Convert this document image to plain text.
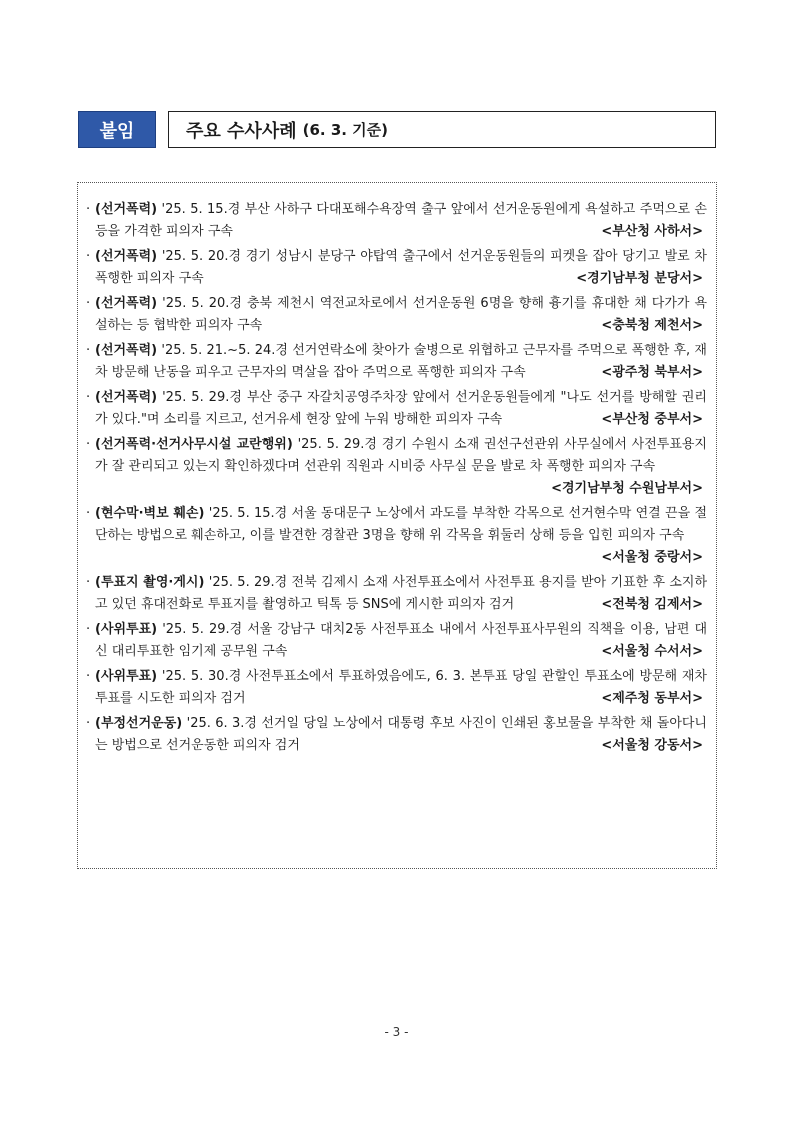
붙임	주요 수사사례 (6. 3. 기준)
· (선거폭력) '25. 5. 15.경 부산 사하구 다대포해수욕장역 출구 앞에서 선거운동원에게 욕설하고 주먹으로 손등을 가격한 피의자 구속	<부산청 사하서>
· (선거폭력) '25. 5. 20.경 경기 성남시 분당구 야탑역 출구에서 선거운동원들의 피켓을 잡아 당기고 발로 차 폭행한 피의자 구속	<경기남부청 분당서>
· (선거폭력) '25. 5. 20.경 충북 제천시 역전교차로에서 선거운동원 6명을 향해 흉기를 휴대한 채 다가가 욕설하는 등 협박한 피의자 구속	<충북청 제천서>
· (선거폭력) '25. 5. 21.~5. 24.경 선거연락소에 찾아가 술병으로 위협하고 근무자를 주먹으로 폭행한 후, 재차 방문해 난동을 피우고 근무자의 멱살을 잡아 주먹으로 폭행한 피의자 구속	<광주청 북부서>
· (선거폭력) '25. 5. 29.경 부산 중구 자갈치공영주차장 앞에서 선거운동원들에게 "나도 선거를 방해할 권리가 있다."며 소리를 지르고, 선거유세 현장 앞에 누워 방해한 피의자 구속	<부산청 중부서>
· (선거폭력·선거사무시설 교란행위) '25. 5. 29.경 경기 수원시 소재 권선구선관위 사무실에서 사전투표용지가 잘 관리되고 있는지 확인하겠다며 선관위 직원과 시비중 사무실 문을 발로 차 폭행한 피의자 구속
<경기남부청 수원남부서>
· (현수막·벽보 훼손) '25. 5. 15.경 서울 동대문구 노상에서 과도를 부착한 각목으로 선거현수막 연결 끈을 절단하는 방법으로 훼손하고, 이를 발견한 경찰관 3명을 향해 위 각목을 휘둘러 상해 등을 입힌 피의자 구속
<서울청 중랑서>
· (투표지 촬영·게시) '25. 5. 29.경 전북 김제시 소재 사전투표소에서 사전투표 용지를 받아 기표한 후 소지하고 있던 휴대전화로 투표지를 촬영하고 틱톡 등 SNS에 게시한 피의자 검거	<전북청 김제서>
· (사위투표) '25. 5. 29.경 서울 강남구 대치2동 사전투표소 내에서 사전투표사무원의 직책을 이용, 남편 대신 대리투표한 임기제 공무원 구속	<서울청 수서서>
· (사위투표) '25. 5. 30.경 사전투표소에서 투표하였음에도, 6. 3. 본투표 당일 관할인 투표소에 방문해 재차 투표를 시도한 피의자 검거	<제주청 동부서>
· (부정선거운동) '25. 6. 3.경 선거일 당일 노상에서 대통령 후보 사진이 인쇄된 홍보물을 부착한 채 돌아다니는 방법으로 선거운동한 피의자 검거	<서울청 강동서>
- 3 -
